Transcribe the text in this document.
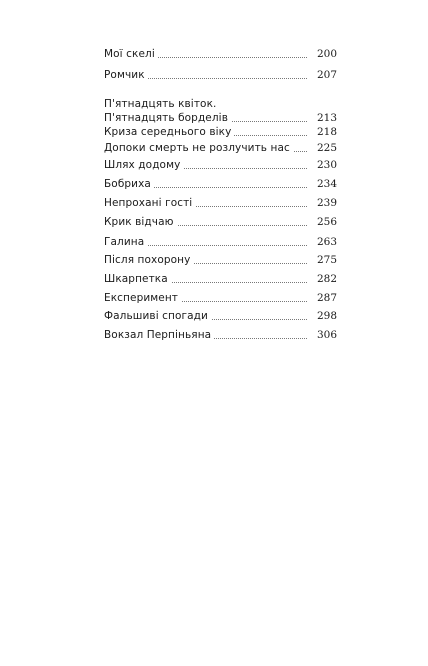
Мої скелі	200
Ромчик	207
П'ятнадцять квіток.
П'ятнадцять борделів	213
Криза середнього віку	218
Допоки смерть не розлучить нас	225
Шлях додому	230
Бобриха	234
Непрохані гості	239
Крик відчаю	256
Галина	263
Після похорону	275
Шкарпетка	282
Експеримент	287
Фальшиві спогади	298
Вокзал Перпіньяна	306
